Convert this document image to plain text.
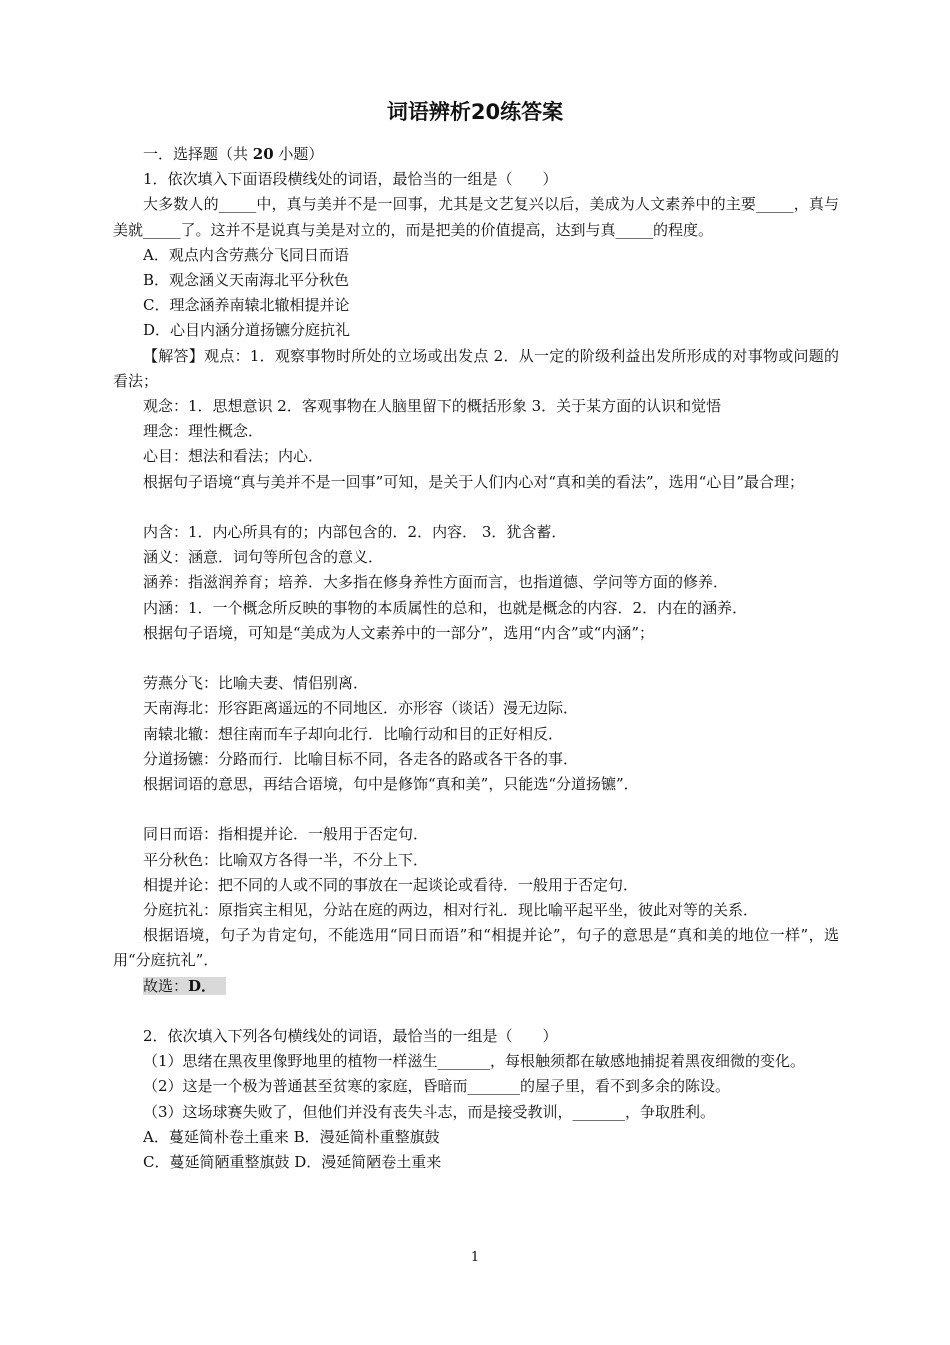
词语辨析20练答案

一．选择题（共 20 小题）

1．依次填入下面语段横线处的词语，最恰当的一组是（　　）

大多数人的_____中，真与美并不是一回事，尤其是文艺复兴以后，美成为人文素养中的主要_____，真与美就_____了。这并不是说真与美是对立的，而是把美的价值提高，达到与真_____的程度。

A．观点内含劳燕分飞同日而语

B．观念涵义天南海北平分秋色

C．理念涵养南辕北辙相提并论

D．心目内涵分道扬镳分庭抗礼

【解答】观点：1．观察事物时所处的立场或出发点 2．从一定的阶级利益出发所形成的对事物或问题的看法；

观念：1．思想意识 2．客观事物在人脑里留下的概括形象 3．关于某方面的认识和觉悟

理念：理性概念．

心目：想法和看法；内心．

根据句子语境“真与美并不是一回事”可知，是关于人们内心对“真和美的看法”，选用“心目”最合理；

内含：1．内心所具有的；内部包含的．2．内容． 3．犹含蓄．

涵义：涵意．词句等所包含的意义．

涵养：指滋润养育；培养．大多指在修身养性方面而言，也指道德、学问等方面的修养．

内涵：1．一个概念所反映的事物的本质属性的总和，也就是概念的内容．2．内在的涵养．

根据句子语境，可知是“美成为人文素养中的一部分”，选用“内含”或“内涵”；

劳燕分飞：比喻夫妻、情侣别离．

天南海北：形容距离遥远的不同地区．亦形容（谈话）漫无边际．

南辕北辙：想往南而车子却向北行．比喻行动和目的正好相反．

分道扬镳：分路而行．比喻目标不同，各走各的路或各干各的事．

根据词语的意思，再结合语境，句中是修饰“真和美”，只能选“分道扬镳”．

同日而语：指相提并论．一般用于否定句．

平分秋色：比喻双方各得一半，不分上下．

相提并论：把不同的人或不同的事放在一起谈论或看待．一般用于否定句．

分庭抗礼：原指宾主相见，分站在庭的两边，相对行礼．现比喻平起平坐，彼此对等的关系．

根据语境，句子为肯定句，不能选用“同日而语”和“相提并论”，句子的意思是“真和美的地位一样”，选用“分庭抗礼”．

故选：D．

2．依次填入下列各句横线处的词语，最恰当的一组是（　　）

（1）思绪在黑夜里像野地里的植物一样滋生_______，每根触须都在敏感地捕捉着黑夜细微的变化。

（2）这是一个极为普通甚至贫寒的家庭，昏暗而_______的屋子里，看不到多余的陈设。

（3）这场球赛失败了，但他们并没有丧失斗志，而是接受教训，_______，争取胜利。

A．蔓延简朴卷土重来 B．漫延简朴重整旗鼓

C．蔓延简陋重整旗鼓 D．漫延简陋卷土重来

1
